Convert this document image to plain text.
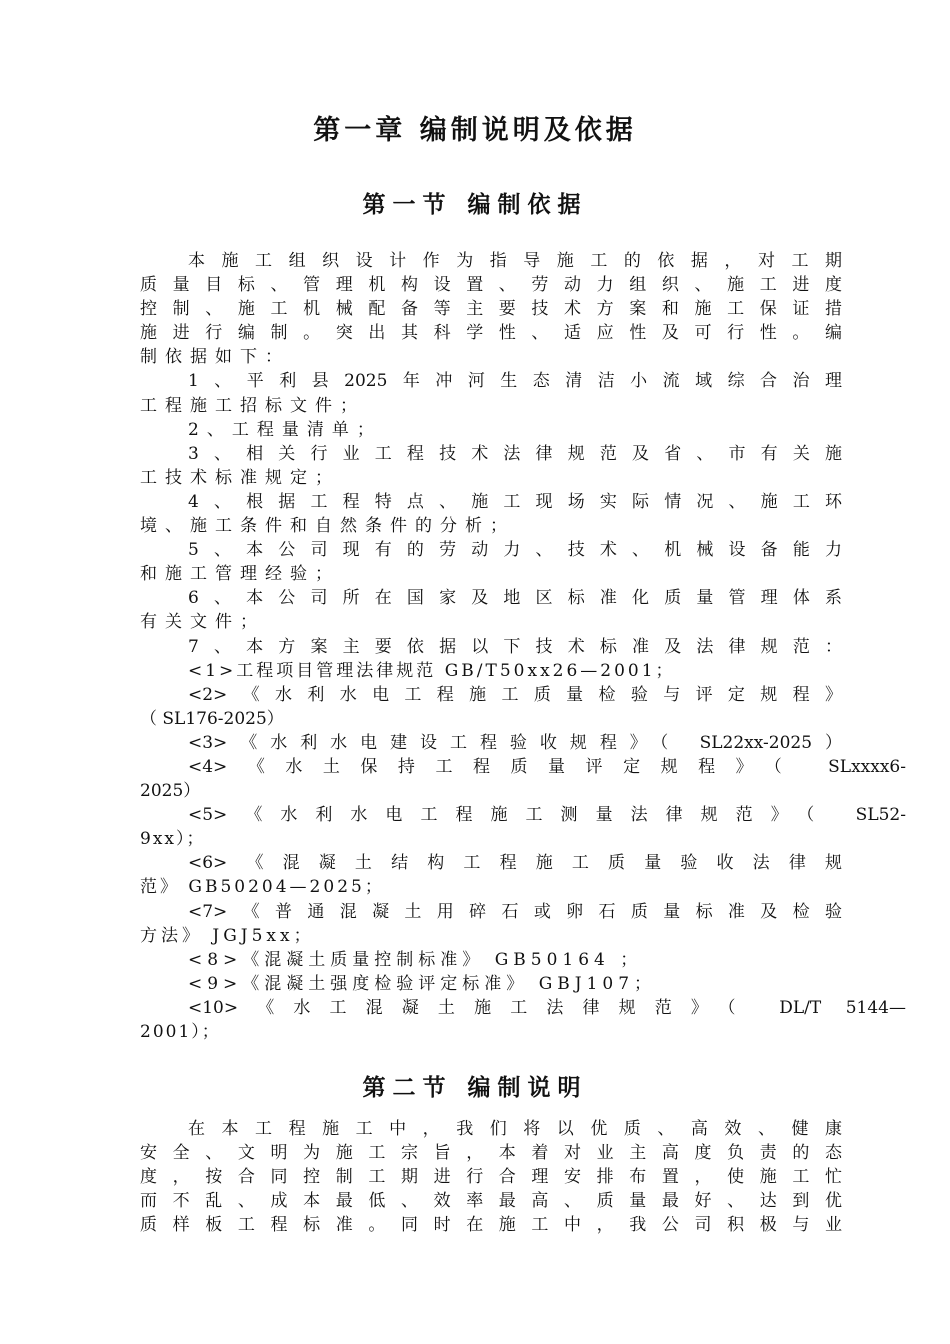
第一章 编制说明及依据
第一节 编制依据
本施工组织设计作为指导施工的依据，对工期
质量目标、管理机构设置、劳动力组织、施工进度
控制、施工机械配备等主要技术方案和施工保证措
施进行编制。突出其科学性、适应性及可行性。编
制依据如下：
1、平利县2025年冲河生态清洁小流域综合治理
工程施工招标文件；
2、工程量清单；
3、相关行业工程技术法律规范及省、市有关施
工技术标准规定；
4、根据工程特点、施工现场实际情况、施工环
境、施工条件和自然条件的分析；
5、本公司现有的劳动力、技术、机械设备能力
和施工管理经验；
6、本公司所在国家及地区标准化质量管理体系
有关文件；
7、本方案主要依据以下技术标准及法律规范：
<1>工程项目管理法律规范 GB/T50xx26—2001；
<2>《水利水电工程施工质量检验与评定规程》
（ SL176-2025）
<3>《水利水电建设工程验收规程》（ SL22xx-2025）
<4>《水土保持工程质量评定规程》（ SLxxxx6-
2025）
<5>《水利水电工程施工测量法律规范》（ SL52-
9xx）；
<6>《混凝土结构工程施工质量验收法律规
范》 GB50204—2025；
<7>《普通混凝土用碎石或卵石质量标准及检验
方法》 JGJ5xx；
<8>《混凝土质量控制标准》 GB50164 ；
<9>《混凝土强度检验评定标准》 GBJ107；
<10>《水工混凝土施工法律规范》（ DL/T 5144—
2001）；
第二节 编制说明
在本工程施工中，我们将以优质、高效、健康
安全、文明为施工宗旨，本着对业主高度负责的态
度，按合同控制工期进行合理安排布置，使施工忙
而不乱、成本最低、效率最高、质量最好、达到优
质样板工程标准。同时在施工中，我公司积极与业
